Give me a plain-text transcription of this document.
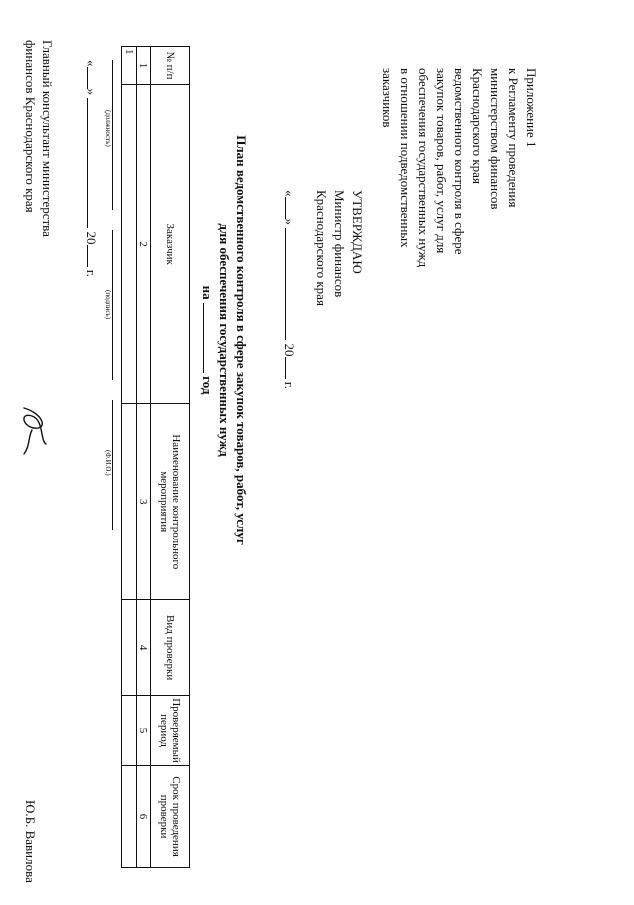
Приложение 1
к Регламенту проведения
министерством финансов
Краснодарского края
ведомственного контроля в сфере
закупок товаров, работ, услуг для
обеспечения государственных нужд
в отношении подведомственных
заказчиков
УТВЕРЖДАЮ
Министр финансов
Краснодарского края
«»  20 г.
План ведомственного контроля в сфере закупок товаров, работ, услуг
для обеспечения государственных нужд
на  год
№ п/п	Заказчик	Наименование контрольного мероприятия	Вид проверки	Проверяемый период	Срок проведения проверки
1	2	3	4	5	6
1					
(должность)
(подпись)
(Ф.И.О.)
«»  20 г.
Главный консультант министерства
финансов Краснодарского края
Ю.Б. Вавилова
